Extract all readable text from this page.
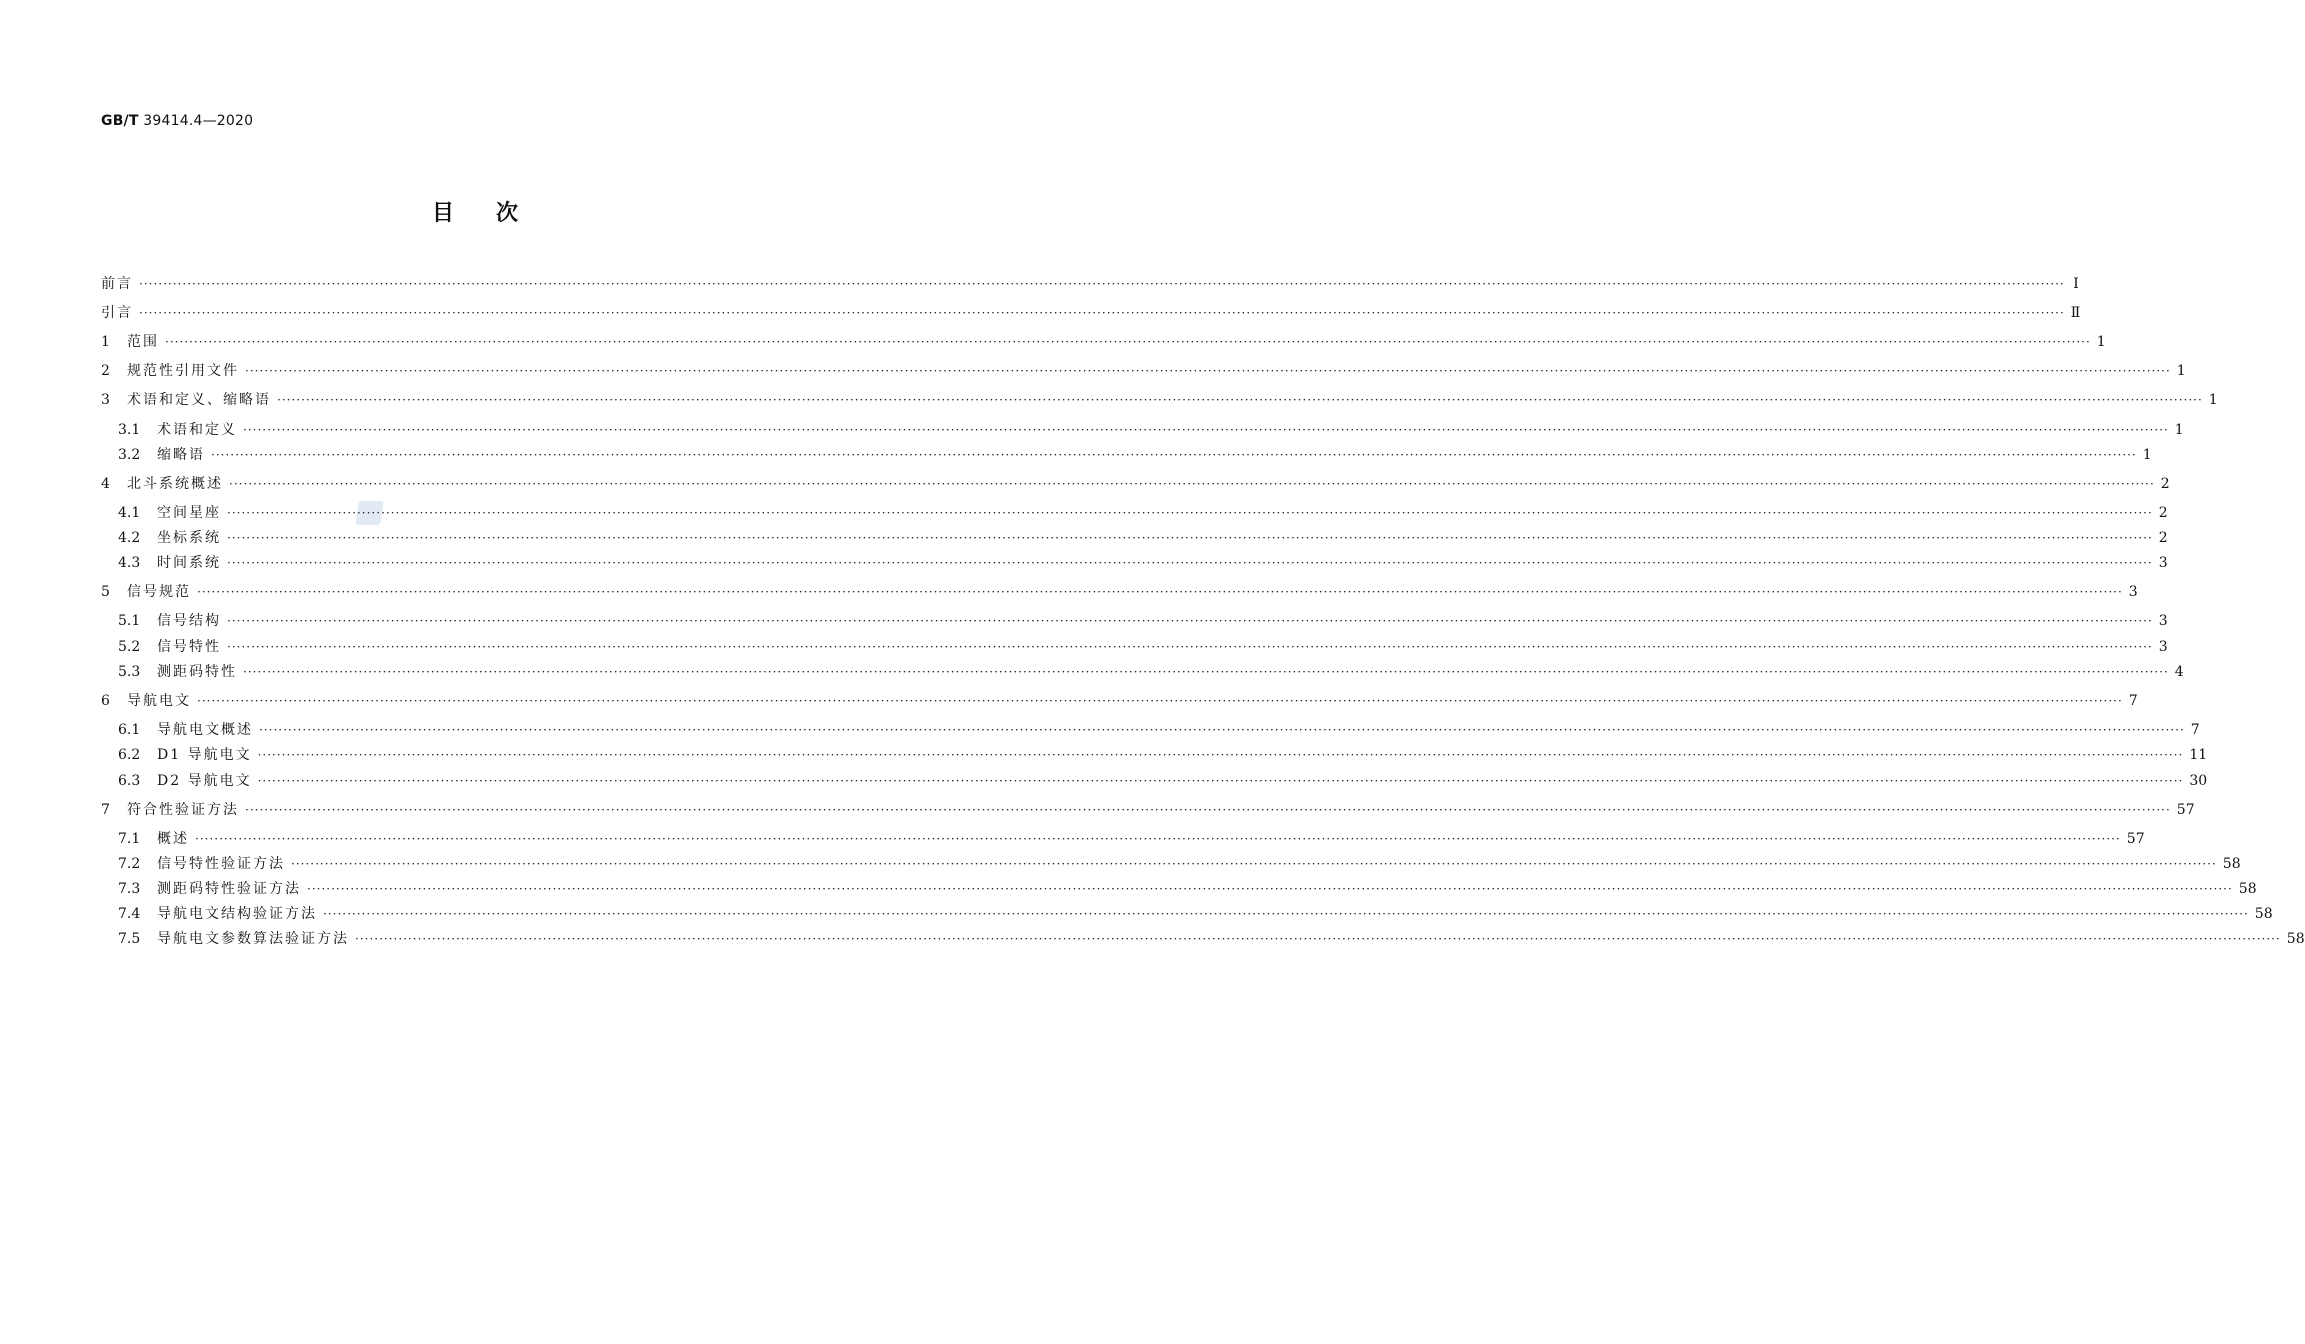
GB/T 39414.4—2020
目次
前言 ················································································································································································································································································································································································································ Ⅰ
引言 ················································································································································································································································································································································································································ Ⅱ
1	范围 ················································································································································································································································································································································································································ 1
2	规范性引用文件 ················································································································································································································································································································································································································ 1
3	术语和定义、缩略语 ················································································································································································································································································································································································································ 1
3.1	术语和定义 ················································································································································································································································································································································································································ 1
3.2	缩略语 ················································································································································································································································································································································································································ 1
4	北斗系统概述 ················································································································································································································································································································································································································ 2
4.1	空间星座 ················································································································································································································································································································································································································ 2
4.2	坐标系统 ················································································································································································································································································································································································································ 2
4.3	时间系统 ················································································································································································································································································································································································································ 3
5	信号规范 ················································································································································································································································································································································································································ 3
5.1	信号结构 ················································································································································································································································································································································································································ 3
5.2	信号特性 ················································································································································································································································································································································································································ 3
5.3	测距码特性 ················································································································································································································································································································································································································ 4
6	导航电文 ················································································································································································································································································································································································································ 7
6.1	导航电文概述 ················································································································································································································································································································································································································ 7
6.2	D1 导航电文 ················································································································································································································································································································································································································ 11
6.3	D2 导航电文 ················································································································································································································································································································································································································ 30
7	符合性验证方法 ················································································································································································································································································································································································································ 57
7.1	概述 ················································································································································································································································································································································································································ 57
7.2	信号特性验证方法 ················································································································································································································································································································································································································ 58
7.3	测距码特性验证方法 ················································································································································································································································································································································································································ 58
7.4	导航电文结构验证方法 ················································································································································································································································································································································································································ 58
7.5	导航电文参数算法验证方法 ················································································································································································································································································································································································································ 58
